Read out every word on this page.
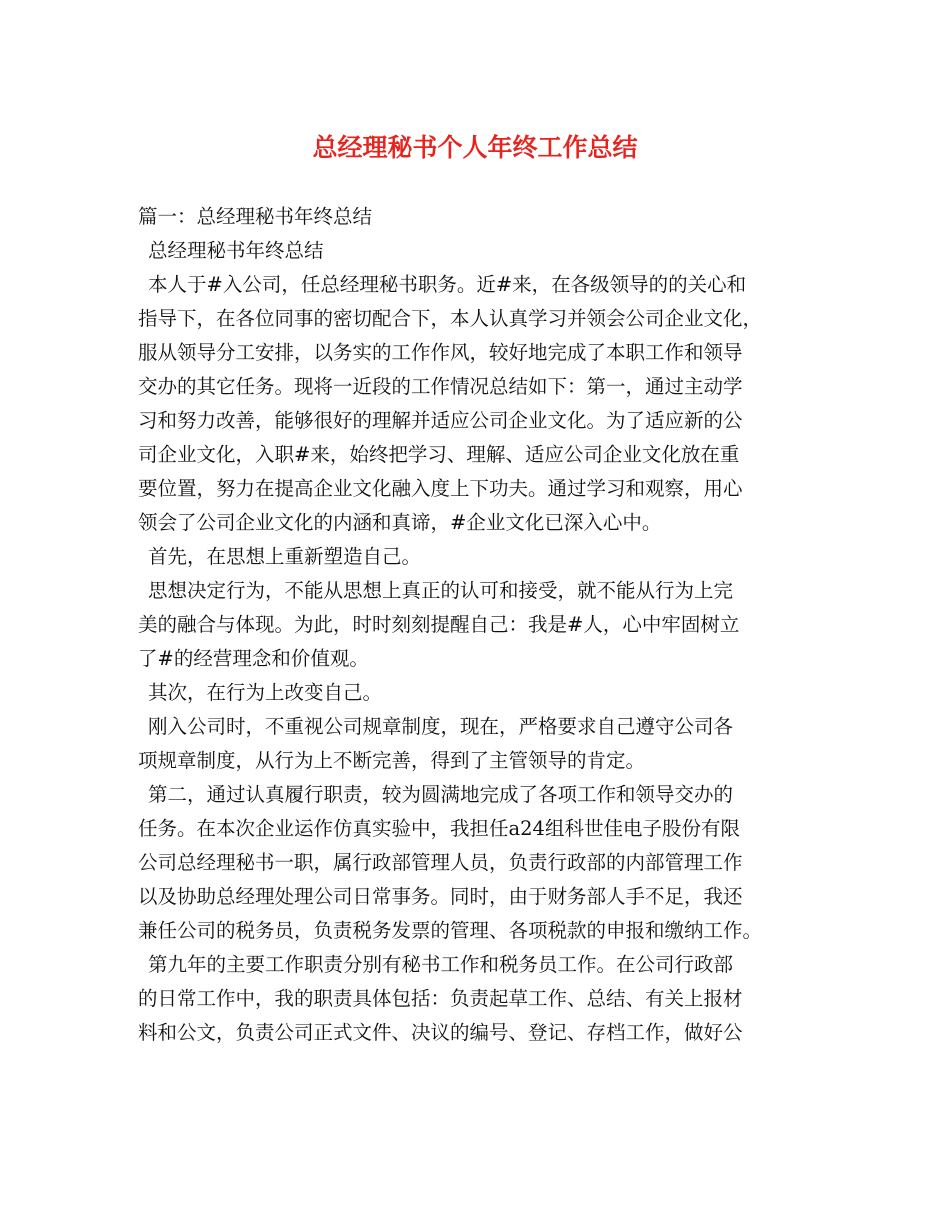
总经理秘书个人年终工作总结

篇一：总经理秘书年终总结

总经理秘书年终总结

本人于#入公司，任总经理秘书职务。近#来，在各级领导的的关心和

指导下，在各位同事的密切配合下，本人认真学习并领会公司企业文化，

服从领导分工安排，以务实的工作作风，较好地完成了本职工作和领导

交办的其它任务。现将一近段的工作情况总结如下：第一，通过主动学

习和努力改善，能够很好的理解并适应公司企业文化。为了适应新的公

司企业文化，入职#来，始终把学习、理解、适应公司企业文化放在重

要位置，努力在提高企业文化融入度上下功夫。通过学习和观察，用心

领会了公司企业文化的内涵和真谛，#企业文化已深入心中。

首先，在思想上重新塑造自己。

思想决定行为，不能从思想上真正的认可和接受，就不能从行为上完

美的融合与体现。为此，时时刻刻提醒自己：我是#人，心中牢固树立

了#的经营理念和价值观。

其次，在行为上改变自己。

刚入公司时，不重视公司规章制度，现在，严格要求自己遵守公司各

项规章制度，从行为上不断完善，得到了主管领导的肯定。

第二，通过认真履行职责，较为圆满地完成了各项工作和领导交办的

任务。在本次企业运作仿真实验中，我担任a24组科世佳电子股份有限

公司总经理秘书一职，属行政部管理人员，负责行政部的内部管理工作

以及协助总经理处理公司日常事务。同时，由于财务部人手不足，我还

兼任公司的税务员，负责税务发票的管理、各项税款的申报和缴纳工作。

第九年的主要工作职责分别有秘书工作和税务员工作。在公司行政部

的日常工作中，我的职责具体包括：负责起草工作、总结、有关上报材

料和公文，负责公司正式文件、决议的编号、登记、存档工作，做好公
